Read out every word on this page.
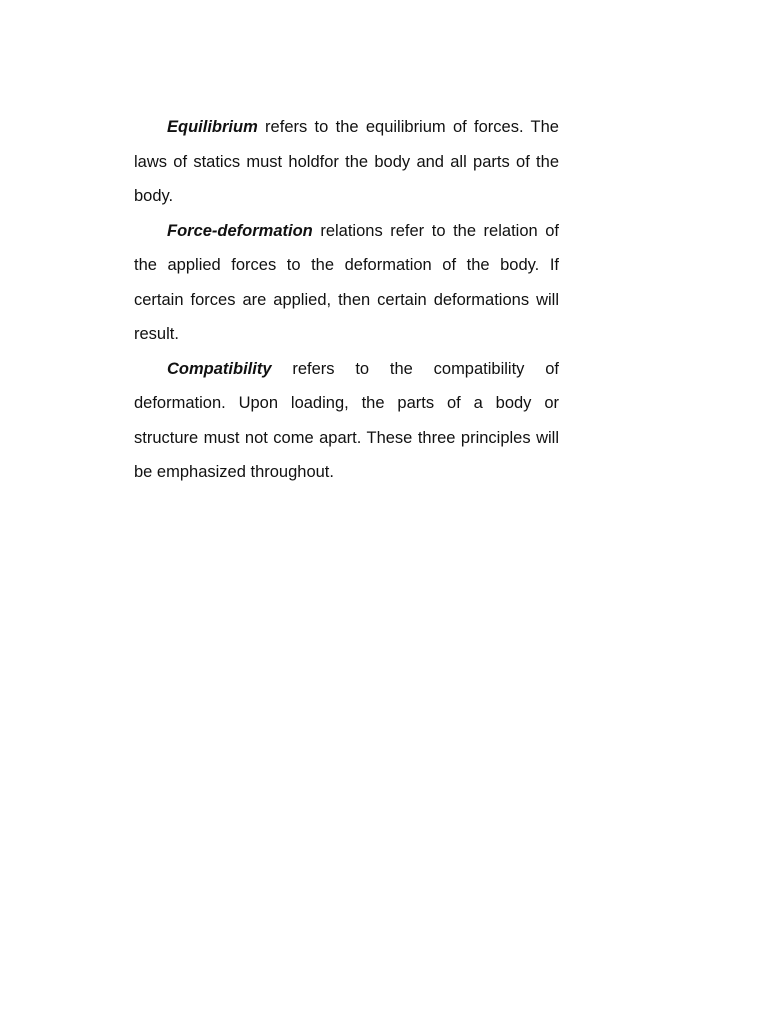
Equilibrium refers to the equilibrium of forces. The laws of statics must holdfor the body and all parts of the body.

Force-deformation relations refer to the relation of the applied forces to the deformation of the body. If certain forces are applied, then certain deformations will result.

Compatibility refers to the compatibility of deformation. Upon loading, the parts of a body or structure must not come apart. These three principles will be emphasized throughout.
